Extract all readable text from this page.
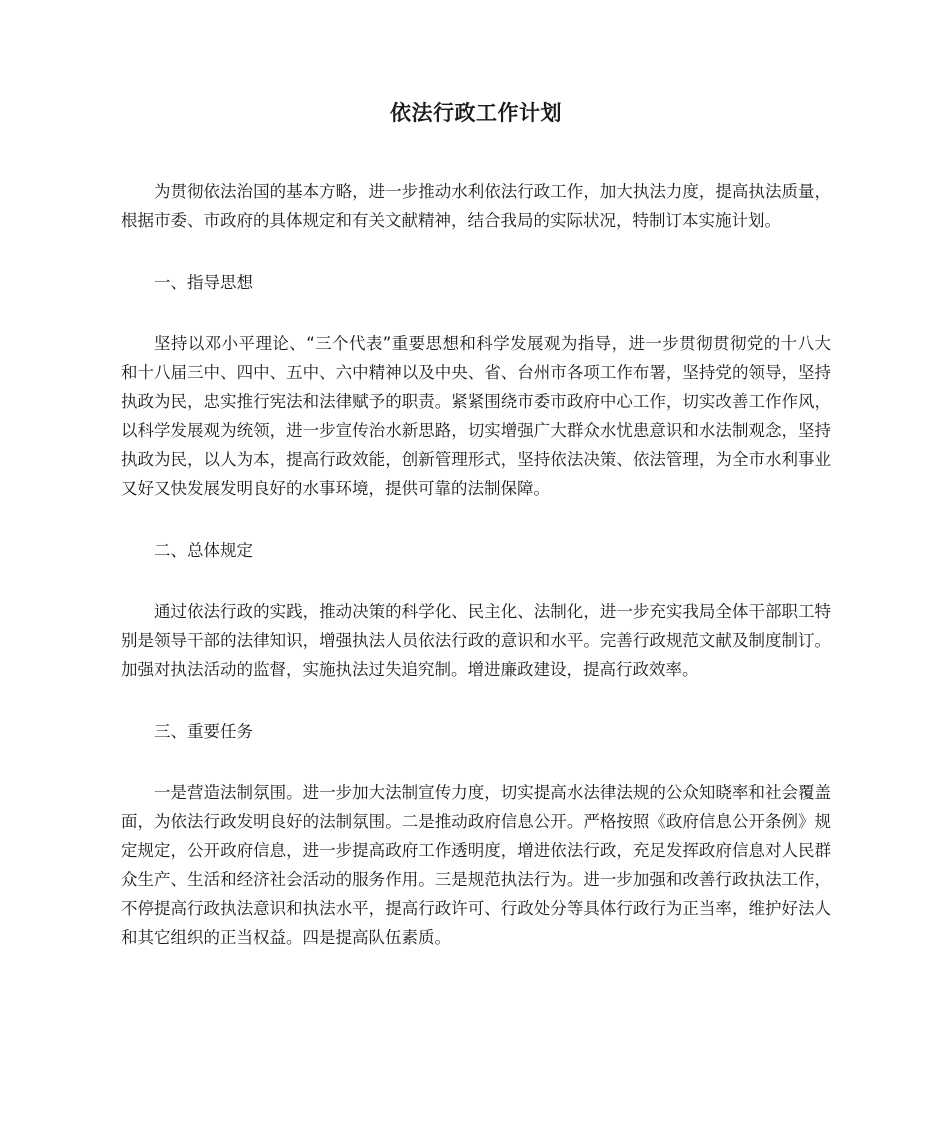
依法行政工作计划

为贯彻依法治国的基本方略，进一步推动水利依法行政工作，加大执法力度，提高执法质量，根据市委、市政府的具体规定和有关文献精神，结合我局的实际状况，特制订本实施计划。

一、指导思想

坚持以邓小平理论、“三个代表”重要思想和科学发展观为指导，进一步贯彻贯彻党的十八大和十八届三中、四中、五中、六中精神以及中央、省、台州市各项工作布署，坚持党的领导，坚持执政为民，忠实推行宪法和法律赋予的职责。紧紧围绕市委市政府中心工作，切实改善工作作风，以科学发展观为统领，进一步宣传治水新思路，切实增强广大群众水忧患意识和水法制观念，坚持执政为民，以人为本，提高行政效能，创新管理形式，坚持依法决策、依法管理，为全市水利事业又好又快发展发明良好的水事环境，提供可靠的法制保障。

二、总体规定

通过依法行政的实践，推动决策的科学化、民主化、法制化，进一步充实我局全体干部职工特别是领导干部的法律知识，增强执法人员依法行政的意识和水平。完善行政规范文献及制度制订。加强对执法活动的监督，实施执法过失追究制。增进廉政建设，提高行政效率。

三、重要任务

一是营造法制氛围。进一步加大法制宣传力度，切实提高水法律法规的公众知晓率和社会覆盖面，为依法行政发明良好的法制氛围。二是推动政府信息公开。严格按照《政府信息公开条例》规定规定，公开政府信息，进一步提高政府工作透明度，增进依法行政，充足发挥政府信息对人民群众生产、生活和经济社会活动的服务作用。三是规范执法行为。进一步加强和改善行政执法工作，不停提高行政执法意识和执法水平，提高行政许可、行政处分等具体行政行为正当率，维护好法人和其它组织的正当权益。四是提高队伍素质。
